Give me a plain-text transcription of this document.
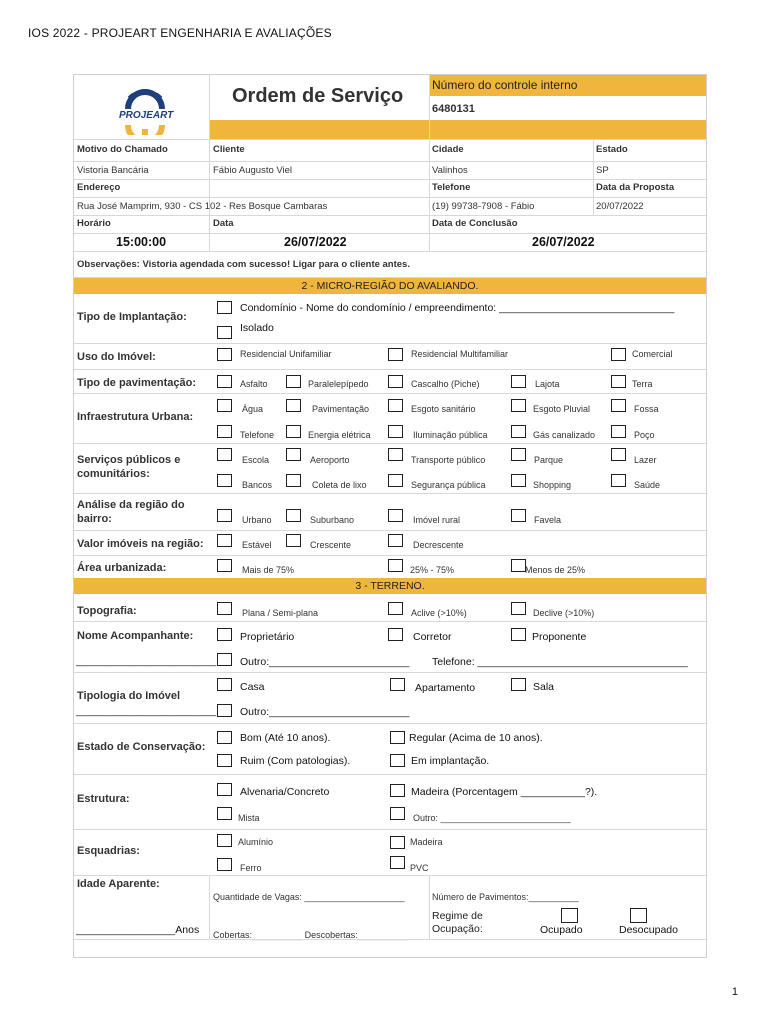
IOS 2022 - PROJEART ENGENHARIA E AVALIAÇÕES
PROJEART
Ordem de Serviço Número do controle interno
6480131
Motivo do Chamado	Cliente	Cidade	Estado
Vistoria Bancária	Fábio Augusto Viel	Valinhos	SP
Endereço	Telefone	Data da Proposta
Rua José Mamprim, 930 - CS 102 - Res Bosque Cambaras	(19) 99738-7908 - Fábio	20/07/2022
Horário	Data	Data de Conclusão
15:00:00	26/07/2022	26/07/2022
Observações: Vistoria agendada com sucesso! Ligar para o cliente antes.
2 - MICRO-REGIÃO DO AVALIANDO.
Tipo de Implantação:
Condomínio - Nome do condomínio / empreendimento: ______________________________
Isolado
Uso do Imóvel:	Residencial Unifamiliar	Residencial Multifamiliar	Comercial
Tipo de pavimentação:	Asfalto	Paralelepípedo	Cascalho (Piche)	Lajota	Terra
Infraestrutura Urbana:
Água	Pavimentação	Esgoto sanitário	Esgoto Pluvial	Fossa
Telefone	Energia elétrica	Iluminação pública	Gás canalizado	Poço
Serviços públicos e comunitários:
Escola	Aeroporto	Transporte público	Parque	Lazer
Bancos	Coleta de lixo	Segurança pública	Shopping	Saúde
Análise da região do bairro:	Urbano	Suburbano	Imóvel rural	Favela
Valor imóveis na região:	Estável	Crescente	Decrescente
Área urbanizada:	Mais de 75%	25% - 75%	Menos de 25%
3 - TERRENO.
Topografia:	Plana / Semi-plana	Aclive (>10%)	Declive (>10%)
Nome Acompanhante:	Proprietário	Corretor	Proponente
________________________ Outro:________________________ Telefone: ____________________________________
Tipologia do Imóvel
Casa	Apartamento	Sala
________________________ Outro:________________________
Estado de Conservação:
Bom (Até 10 anos).	Regular (Acima de 10 anos).
Ruim (Com patologias).	Em implantação.
Estrutura:
Alvenaria/Concreto	Madeira (Porcentagem ___________?).
Mista	Outro: __________________________
Esquadrias:
Alumínio	Madeira
Ferro	PVC
Idade Aparente:
_________________Anos
Quantidade de Vagas: ____________________
Cobertas:__________ Descobertas:__________
Número de Pavimentos:__________
Regime de Ocupação:	Ocupado	Desocupado
1
